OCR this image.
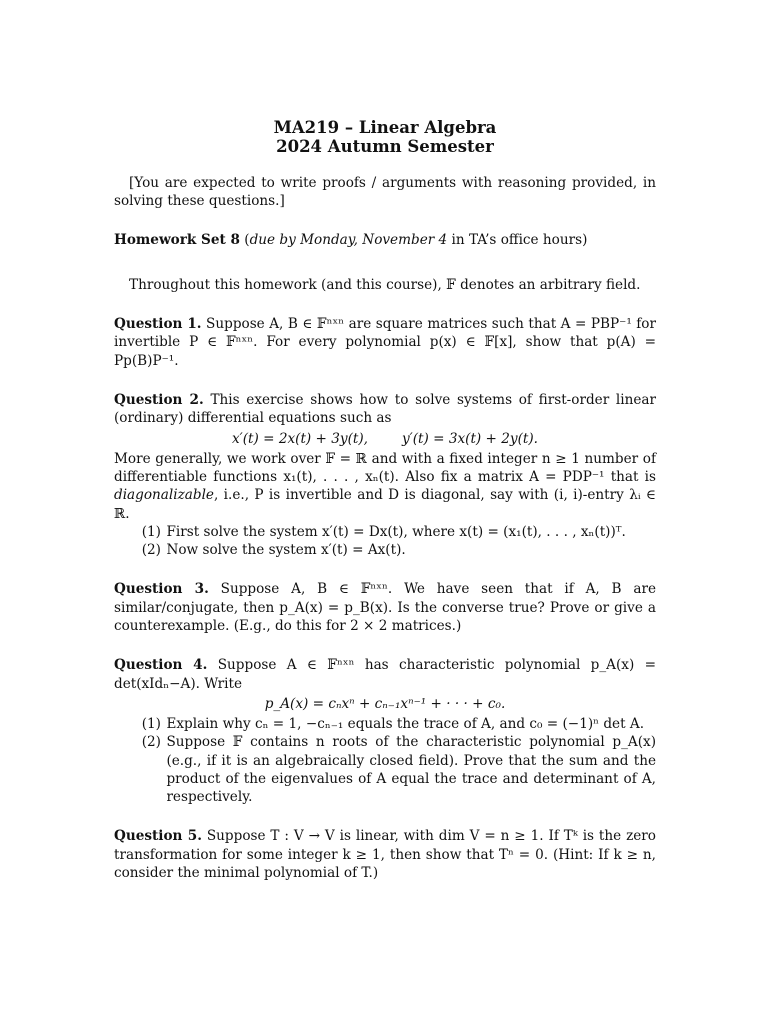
MA219 – Linear Algebra
2024 Autumn Semester

[You are expected to write proofs / arguments with reasoning provided, in solving these questions.]

Homework Set 8 (due by Monday, November 4 in TA’s office hours)

Throughout this homework (and this course), 𝔽 denotes an arbitrary field.

Question 1. Suppose A, B ∈ 𝔽ⁿˣⁿ are square matrices such that A = PBP⁻¹ for invertible P ∈ 𝔽ⁿˣⁿ. For every polynomial p(x) ∈ 𝔽[x], show that p(A) = Pp(B)P⁻¹.

Question 2. This exercise shows how to solve systems of first-order linear (ordinary) differential equations such as

x′(t) = 2x(t) + 3y(t),	y′(t) = 3x(t) + 2y(t).

More generally, we work over 𝔽 = ℝ and with a fixed integer n ≥ 1 number of differentiable functions x₁(t), . . . , xₙ(t). Also fix a matrix A = PDP⁻¹ that is diagonalizable, i.e., P is invertible and D is diagonal, say with (i, i)-entry λᵢ ∈ ℝ.

(1) First solve the system x′(t) = Dx(t), where x(t) = (x₁(t), . . . , xₙ(t))ᵀ.
(2) Now solve the system x′(t) = Ax(t).

Question 3. Suppose A, B ∈ 𝔽ⁿˣⁿ. We have seen that if A, B are similar/conjugate, then p_A(x) = p_B(x). Is the converse true? Prove or give a counterexample. (E.g., do this for 2 × 2 matrices.)

Question 4. Suppose A ∈ 𝔽ⁿˣⁿ has characteristic polynomial p_A(x) = det(xIdₙ−A). Write

p_A(x) = cₙxⁿ + cₙ₋₁xⁿ⁻¹ + · · · + c₀.
(1) Explain why cₙ = 1, −cₙ₋₁ equals the trace of A, and c₀ = (−1)ⁿ det A.
(2) Suppose 𝔽 contains n roots of the characteristic polynomial p_A(x) (e.g., if it is an algebraically closed field). Prove that the sum and the product of the eigenvalues of A equal the trace and determinant of A, respectively.

Question 5. Suppose T : V → V is linear, with dim V = n ≥ 1. If Tᵏ is the zero transformation for some integer k ≥ 1, then show that Tⁿ = 0. (Hint: If k ≥ n, consider the minimal polynomial of T.)
